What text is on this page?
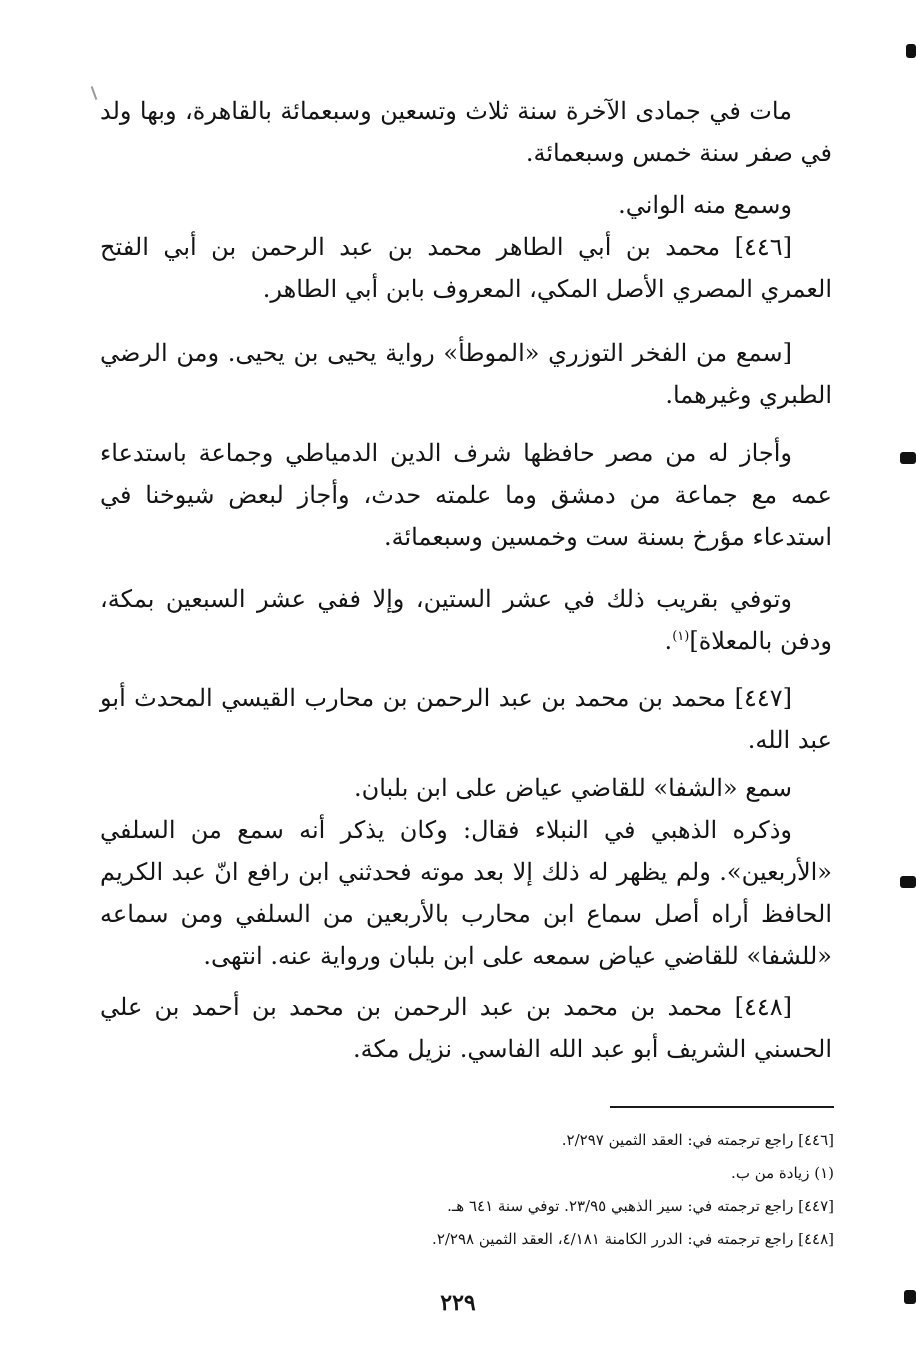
مات في جمادى الآخرة سنة ثلاث وتسعين وسبعمائة بالقاهرة، وبها ولد في صفر سنة خمس وسبعمائة.

وسمع منه الواني.

[٤٤٦] محمد بن أبي الطاهر محمد بن عبد الرحمن بن أبي الفتح العمري المصري الأصل المكي، المعروف بابن أبي الطاهر.

[سمع من الفخر التوزري «الموطأ» رواية يحيى بن يحيى. ومن الرضي الطبري وغيرهما.

وأجاز له من مصر حافظها شرف الدين الدمياطي وجماعة باستدعاء عمه مع جماعة من دمشق وما علمته حدث، وأجاز لبعض شيوخنا في استدعاء مؤرخ بسنة ست وخمسين وسبعمائة.

وتوفي بقريب ذلك في عشر الستين، وإلا ففي عشر السبعين بمكة، ودفن بالمعلاة]$^{(١)}$.

[٤٤٧] محمد بن محمد بن عبد الرحمن بن محارب القيسي المحدث أبو عبد الله.

سمع «الشفا» للقاضي عياض على ابن بلبان.

وذكره الذهبي في النبلاء فقال: وكان يذكر أنه سمع من السلفي «الأربعين». ولم يظهر له ذلك إلا بعد موته فحدثني ابن رافع انّ عبد الكريم الحافظ أراه أصل سماع ابن محارب بالأربعين من السلفي ومن سماعه «للشفا» للقاضي عياض سمعه على ابن بلبان ورواية عنه. انتهى.

[٤٤٨] محمد بن محمد بن عبد الرحمن بن محمد بن أحمد بن علي الحسني الشريف أبو عبد الله الفاسي. نزيل مكة.

[٤٤٦] راجع ترجمته في: العقد الثمين ٢/٢٩٧.

(١) زيادة من ب.

[٤٤٧] راجع ترجمته في: سير الذهبي ٢٣/٩٥. توفي سنة ٦٤١ هـ.

[٤٤٨] راجع ترجمته في: الدرر الكامنة ٤/١٨١، العقد الثمين ٢/٢٩٨.

٢٢٩
